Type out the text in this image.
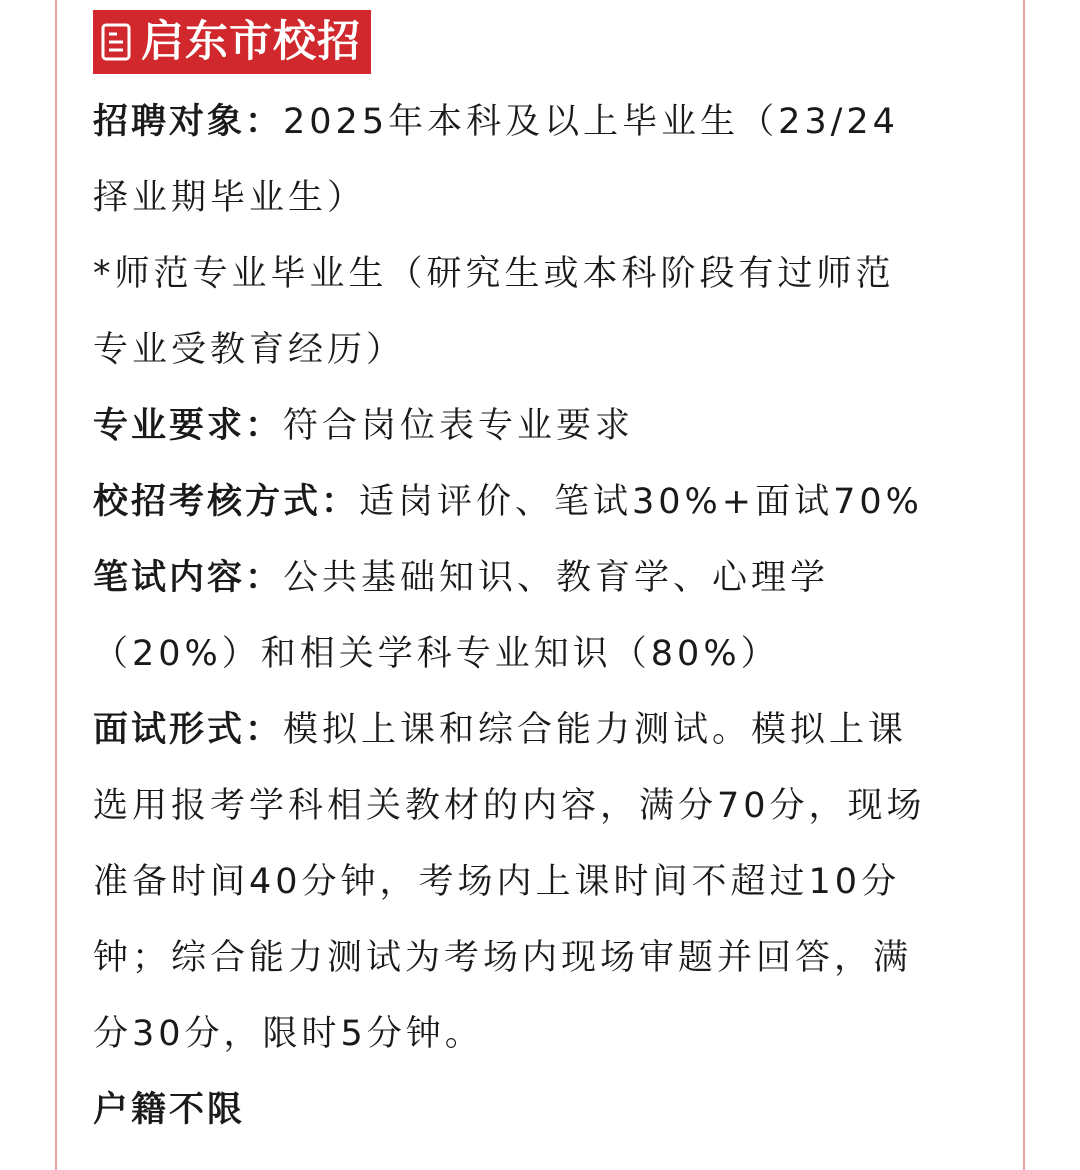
启东市校招

招聘对象：2025年本科及以上毕业生（23/24

择业期毕业生）

*师范专业毕业生（研究生或本科阶段有过师范

专业受教育经历）

专业要求：符合岗位表专业要求

校招考核方式：适岗评价、笔试30%+面试70%

笔试内容：公共基础知识、教育学、心理学

（20%）和相关学科专业知识（80%）

面试形式：模拟上课和综合能力测试。模拟上课

选用报考学科相关教材的内容，满分70分，现场

准备时间40分钟，考场内上课时间不超过10分

钟；综合能力测试为考场内现场审题并回答，满

分30分，限时5分钟。

户籍不限
